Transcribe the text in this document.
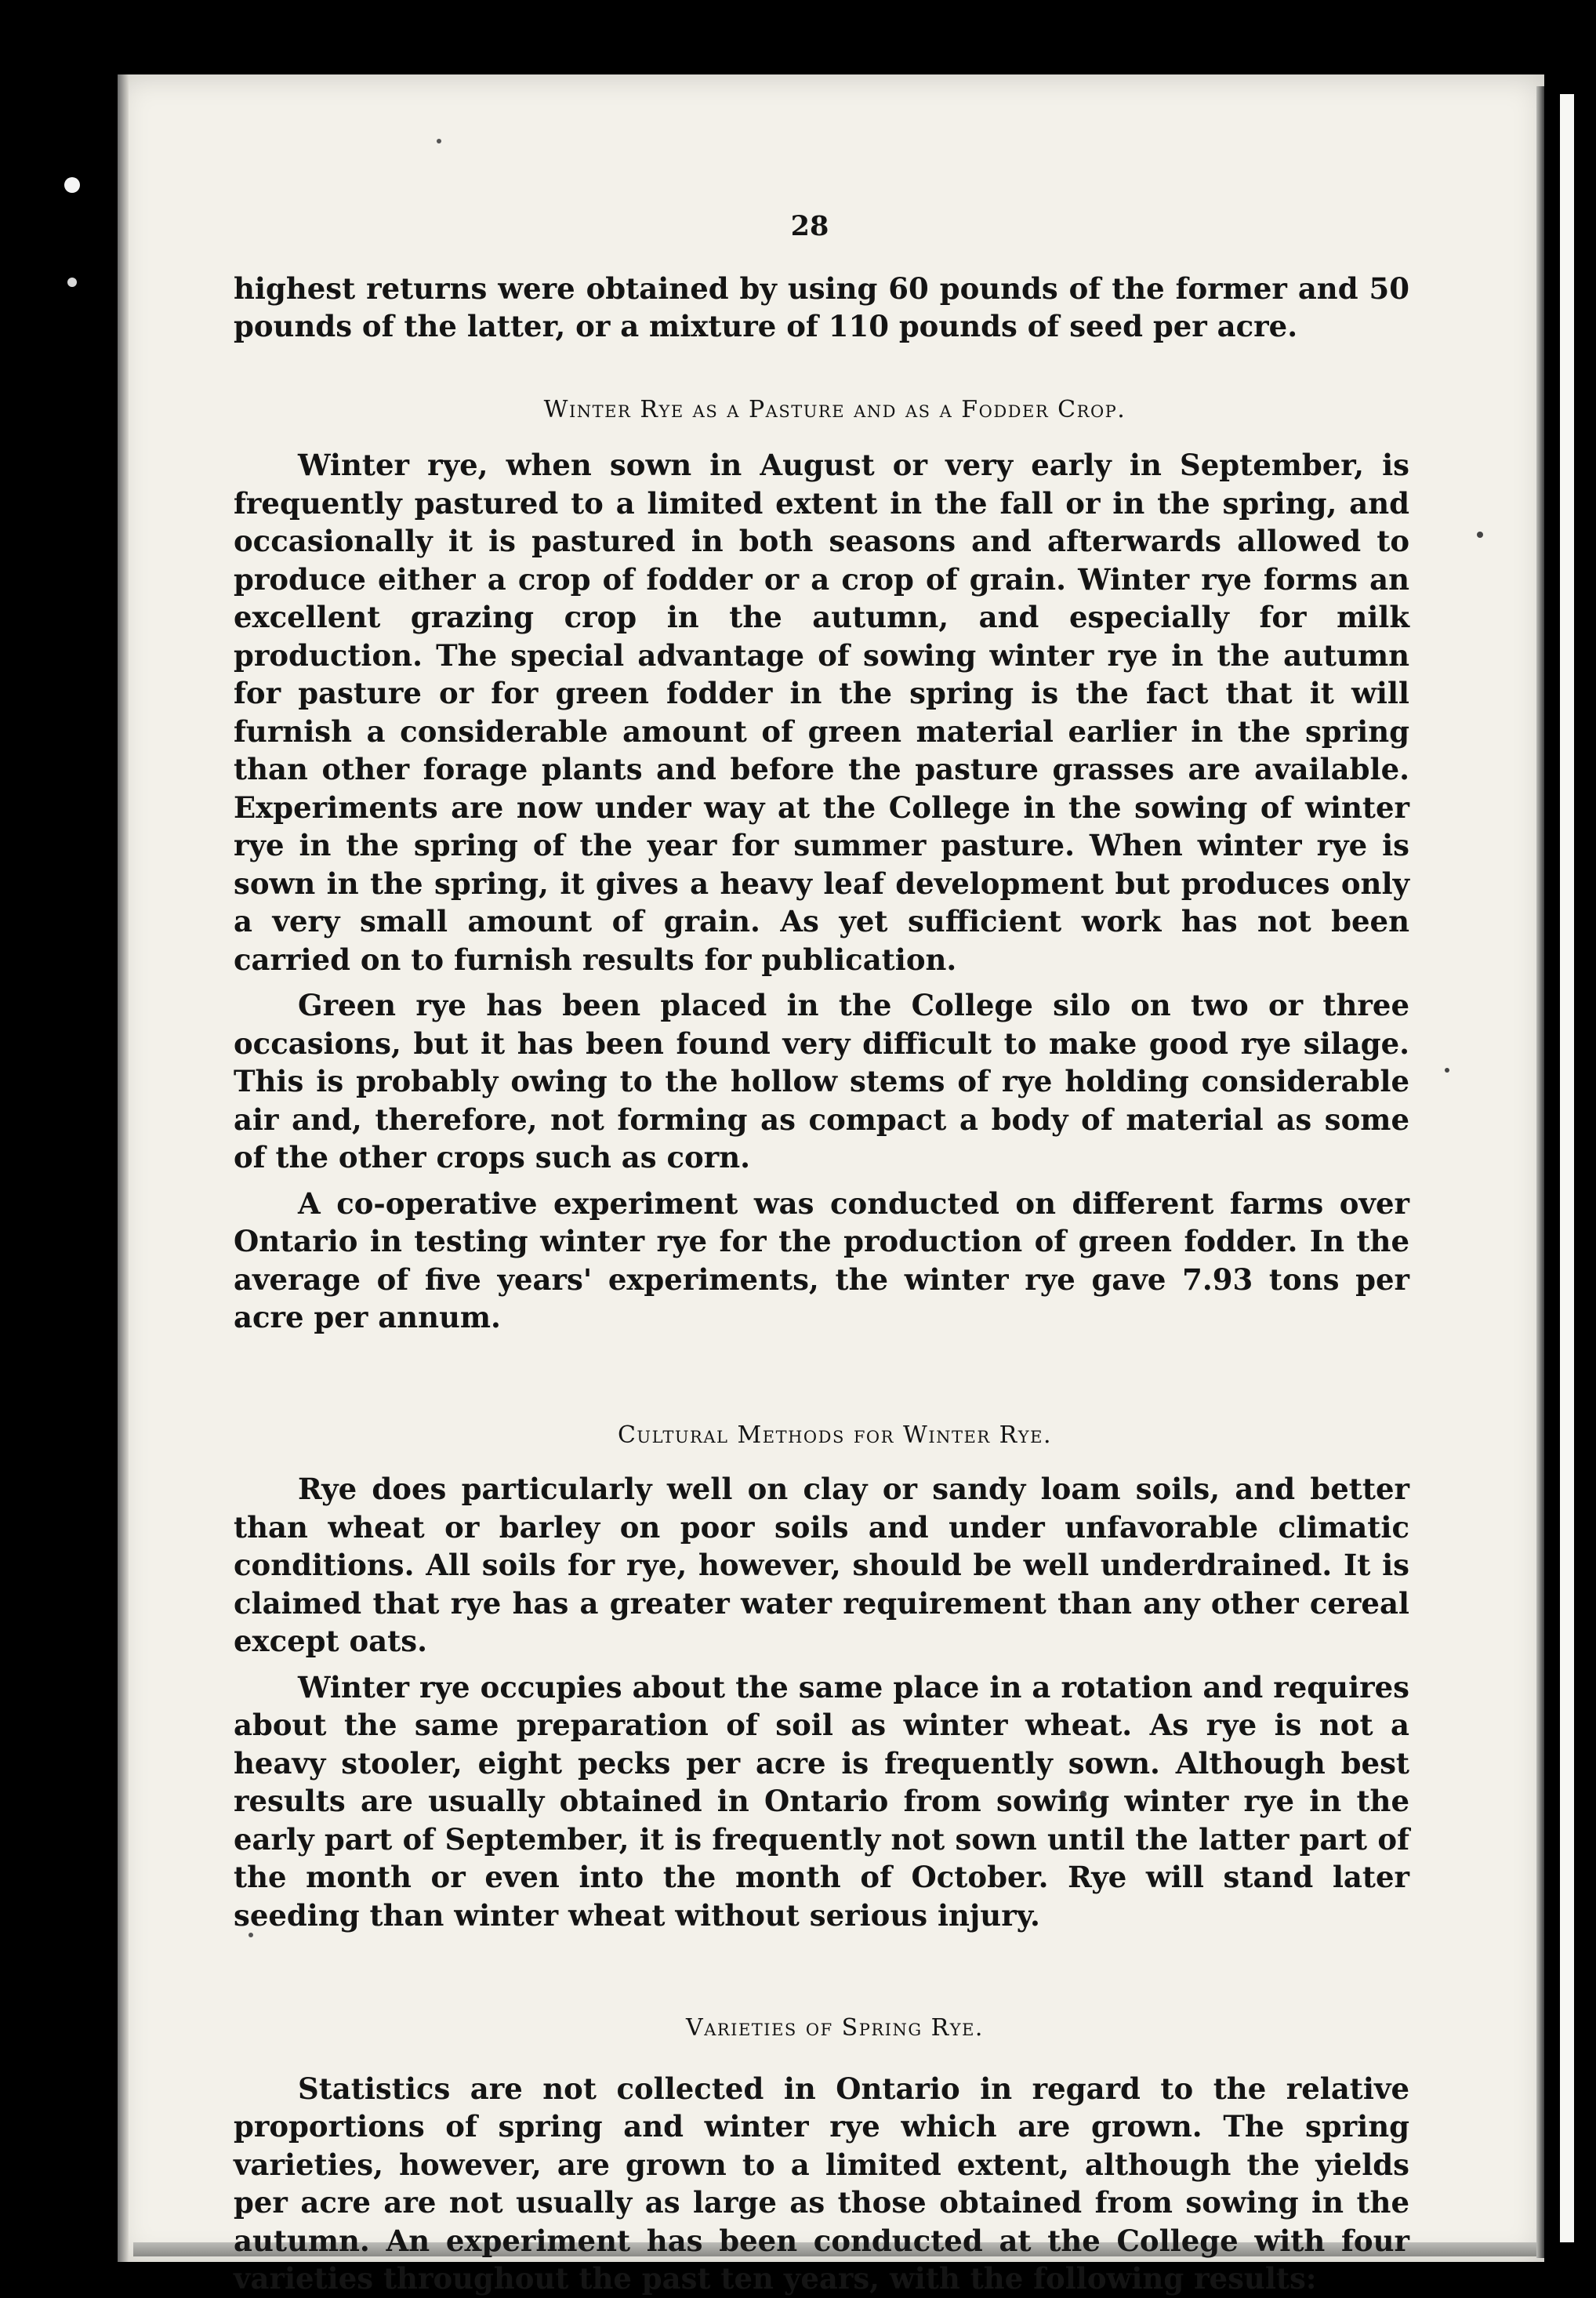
28

highest returns were obtained by using 60 pounds of the former and 50 pounds of the latter, or a mixture of 110 pounds of seed per acre.

Winter Rye as a Pasture and as a Fodder Crop.

Winter rye, when sown in August or very early in September, is frequently pastured to a limited extent in the fall or in the spring, and occasionally it is pastured in both seasons and afterwards allowed to produce either a crop of fodder or a crop of grain. Winter rye forms an excellent grazing crop in the autumn, and especially for milk production. The special advantage of sowing winter rye in the autumn for pasture or for green fodder in the spring is the fact that it will furnish a considerable amount of green material earlier in the spring than other forage plants and before the pasture grasses are available. Experiments are now under way at the College in the sowing of winter rye in the spring of the year for summer pasture. When winter rye is sown in the spring, it gives a heavy leaf development but produces only a very small amount of grain. As yet sufficient work has not been carried on to furnish results for publication.

Green rye has been placed in the College silo on two or three occasions, but it has been found very difficult to make good rye silage. This is probably owing to the hollow stems of rye holding considerable air and, therefore, not forming as compact a body of material as some of the other crops such as corn.

A co-operative experiment was conducted on different farms over Ontario in testing winter rye for the production of green fodder. In the average of five years' experiments, the winter rye gave 7.93 tons per acre per annum.

Cultural Methods for Winter Rye.

Rye does particularly well on clay or sandy loam soils, and better than wheat or barley on poor soils and under unfavorable climatic conditions. All soils for rye, however, should be well underdrained. It is claimed that rye has a greater water requirement than any other cereal except oats.

Winter rye occupies about the same place in a rotation and requires about the same preparation of soil as winter wheat. As rye is not a heavy stooler, eight pecks per acre is frequently sown. Although best results are usually obtained in Ontario from sowing winter rye in the early part of September, it is frequently not sown until the latter part of the month or even into the month of October. Rye will stand later seeding than winter wheat without serious injury.

Varieties of Spring Rye.

Statistics are not collected in Ontario in regard to the relative proportions of spring and winter rye which are grown. The spring varieties, however, are grown to a limited extent, although the yields per acre are not usually as large as those obtained from sowing in the autumn. An experiment has been conducted at the College with four varieties throughout the past ten years, with the following results:
